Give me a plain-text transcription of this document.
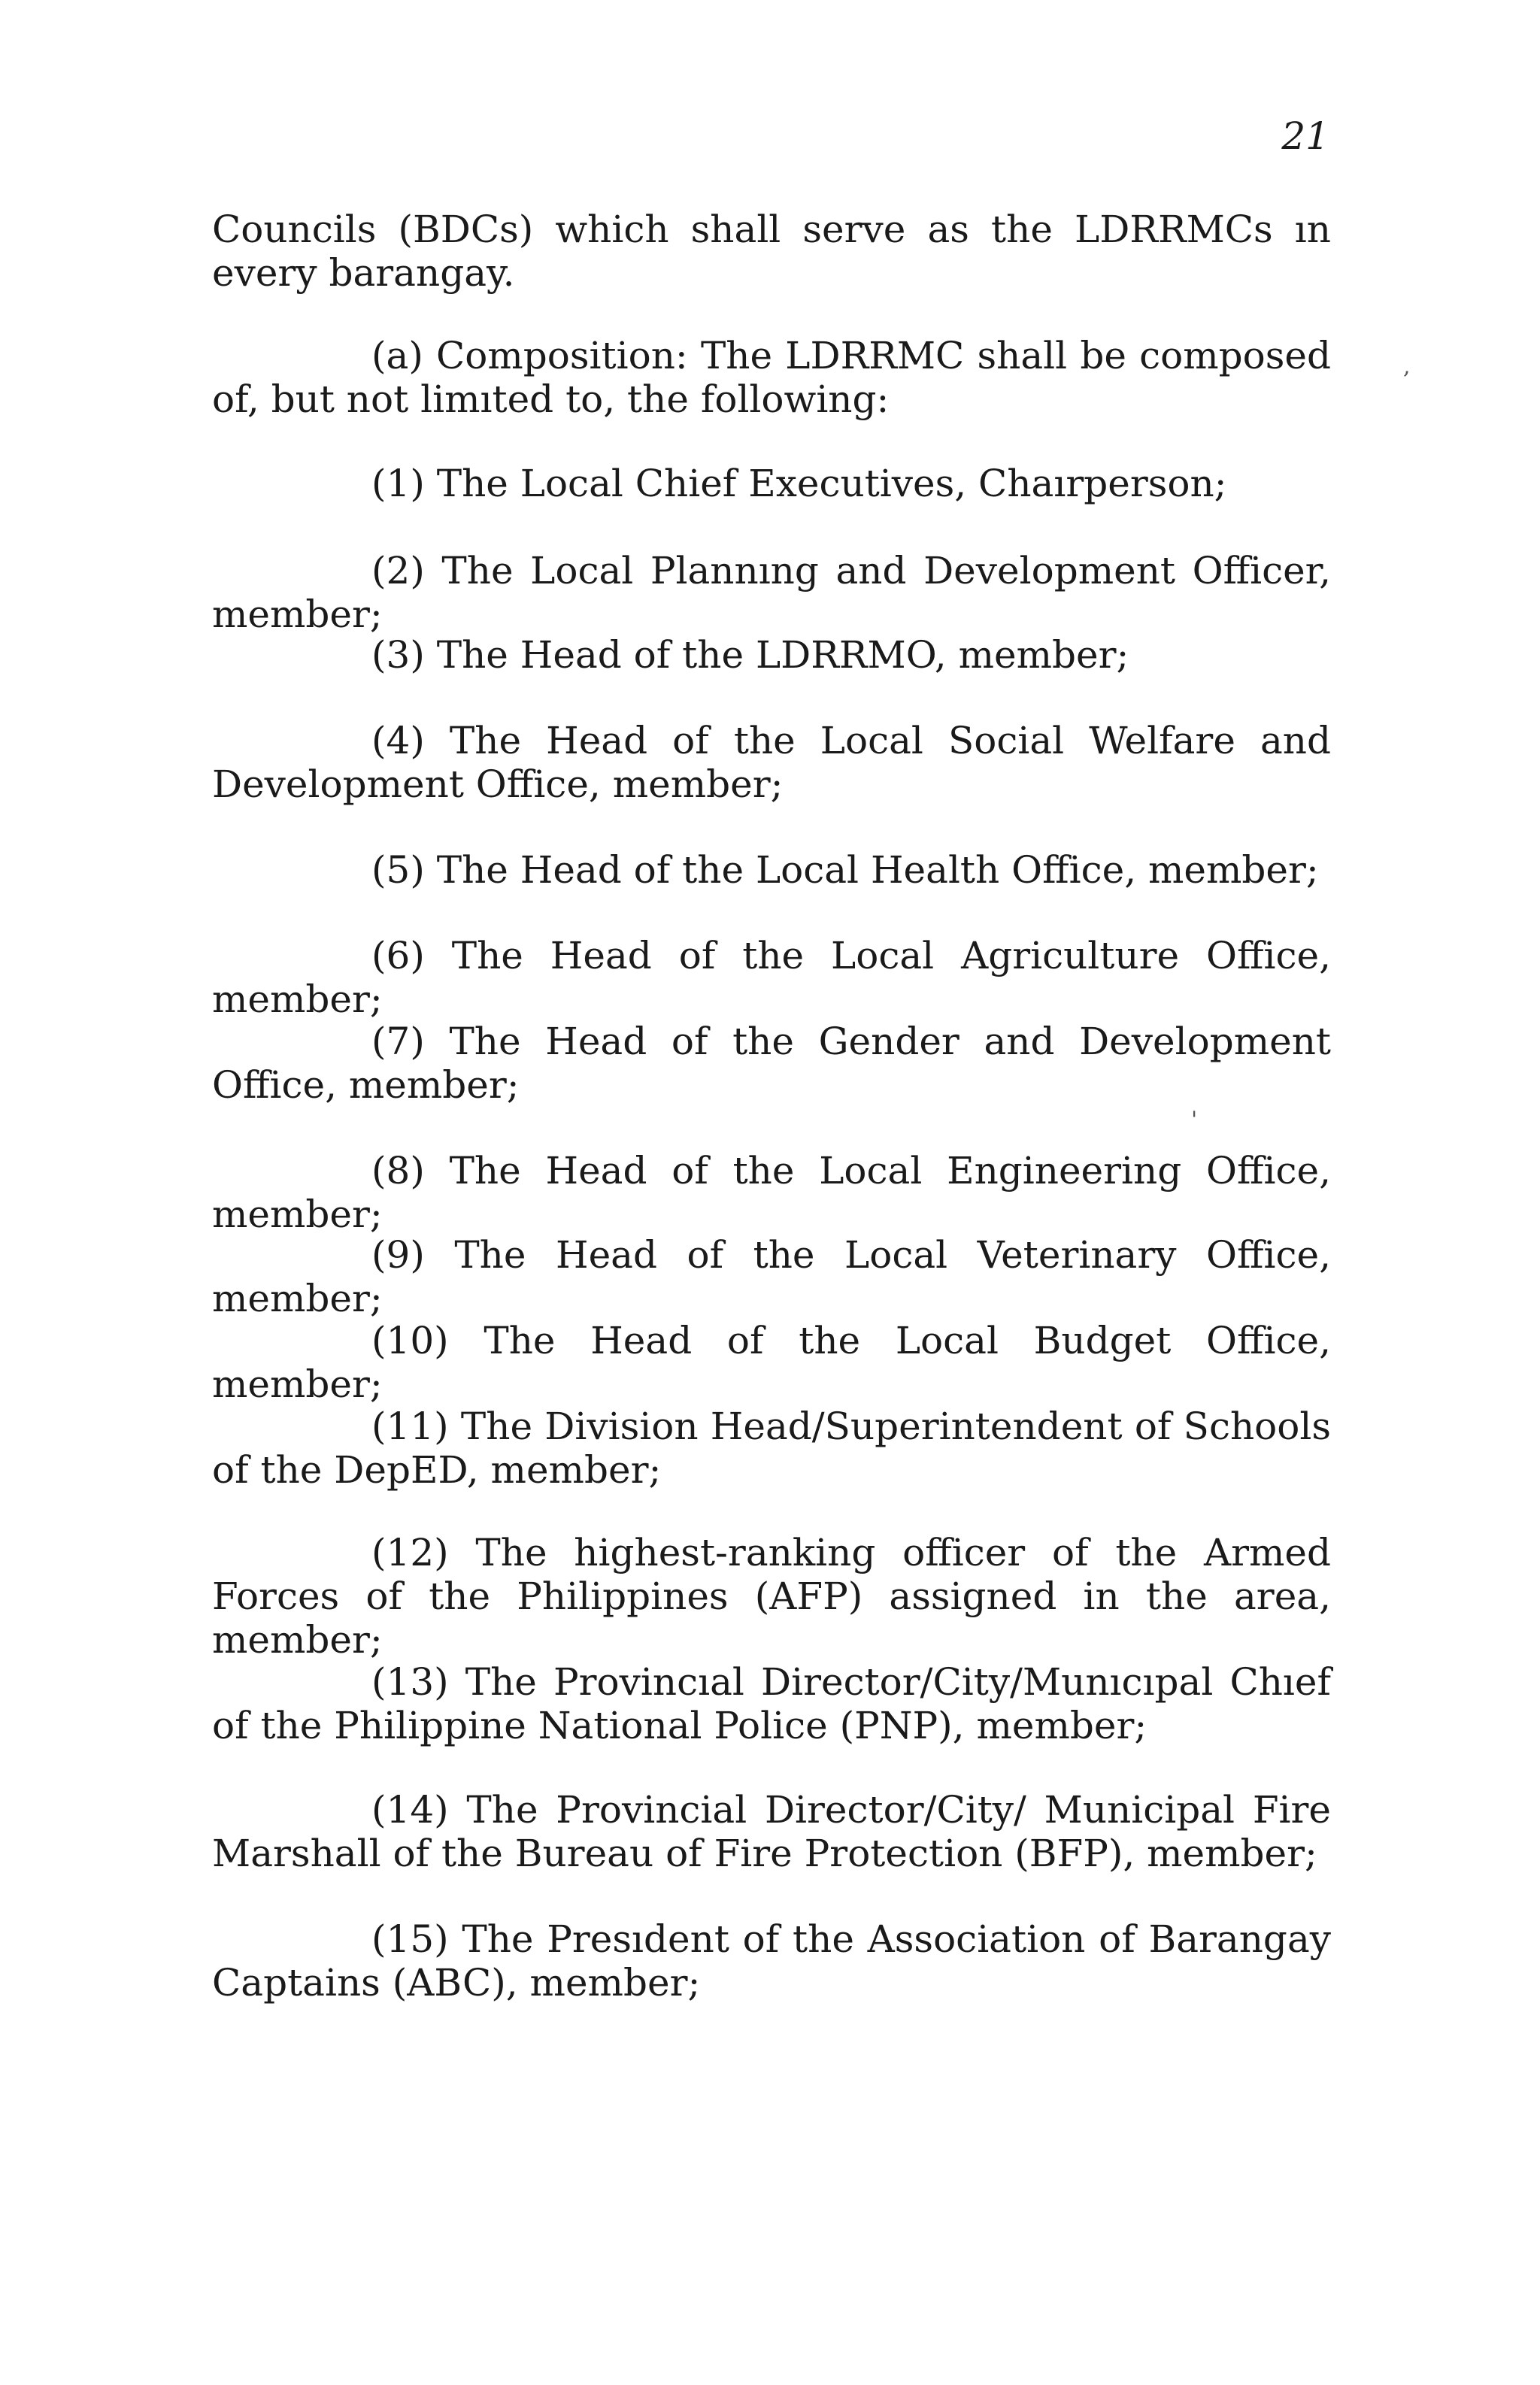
21
Councils (BDCs) which shall serve as the LDRRMCs ın every barangay.
(a) Composition: The LDRRMC shall be composed of, but not limıted to, the following:
(1) The Local Chief Executives, Chaırperson;
(2) The Local Plannıng and Development Officer, member;
(3) The Head of the LDRRMO, member;
(4) The Head of the Local Social Welfare and Development Office, member;
(5) The Head of the Local Health Office, member;
(6) The Head of the Local Agriculture Office, member;
(7) The Head of the Gender and Development Office, member;
(8) The Head of the Local Engineering Office, member;
(9) The Head of the Local Veterinary Office, member;
(10) The Head of the Local Budget Office, member;
(11) The Division Head/Superintendent of Schools of the DepED, member;
(12) The highest-ranking officer of the Armed Forces of the Philippines (AFP) assigned in the area, member;
(13) The Provincıal Director/City/Munıcıpal Chıef of the Philippine National Police (PNP), member;
(14) The Provincial Director/City/ Municipal Fire Marshall of the Bureau of Fire Protection (BFP), member;
(15) The Presıdent of the Association of Barangay Captains (ABC), member;
,
'
